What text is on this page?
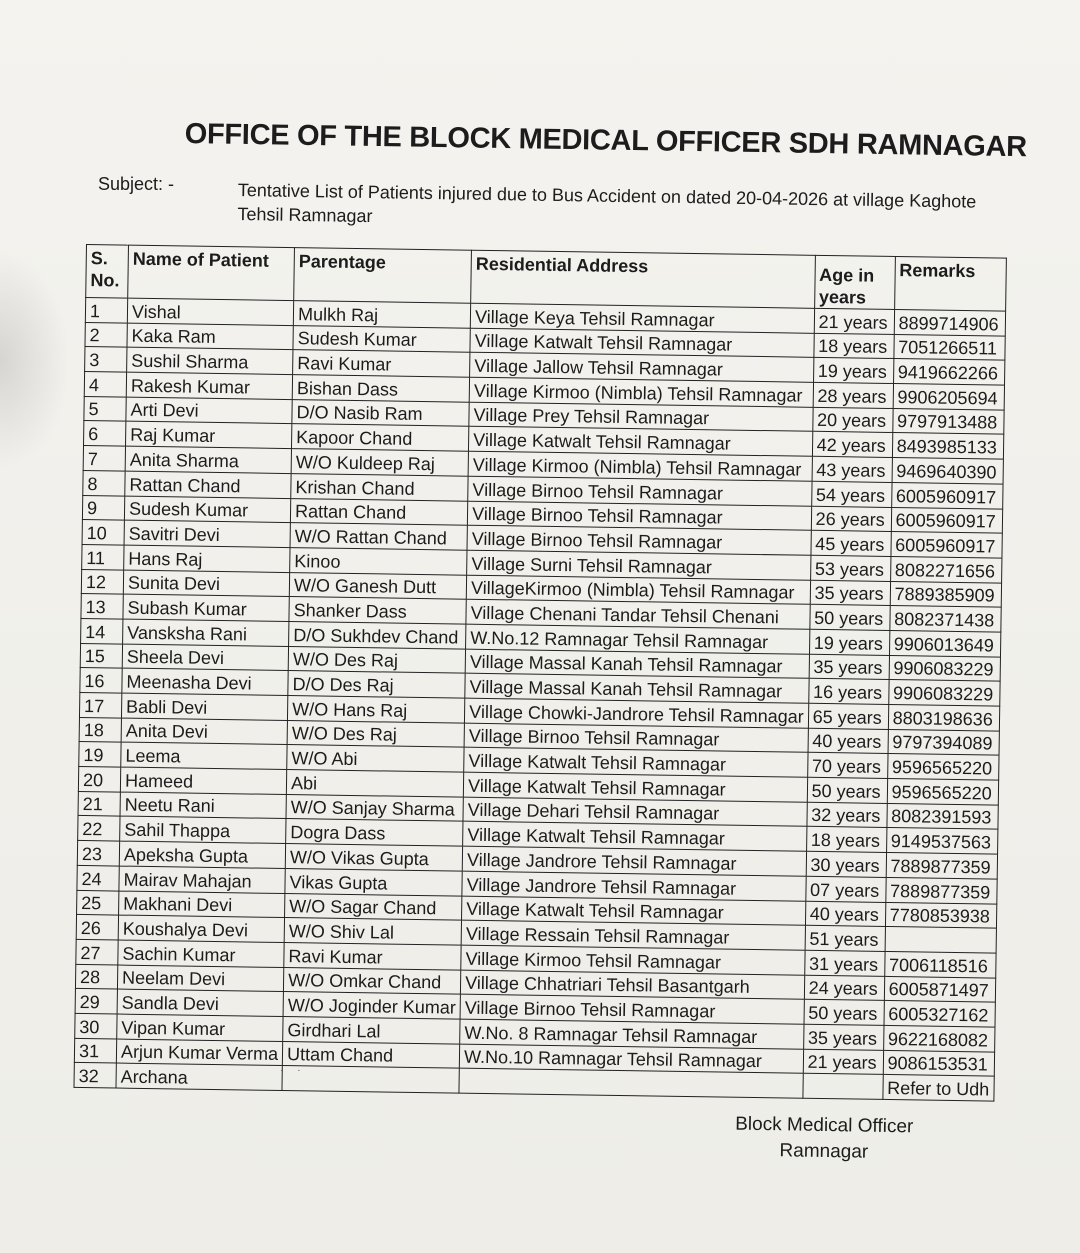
OFFICE OF THE BLOCK MEDICAL OFFICER SDH RAMNAGAR
Subject: -	Tentative List of Patients injured due to Bus Accident on dated 20-04-2026 at village Kaghote Tehsil Ramnagar
S. No.	Name of Patient	Parentage	Residential Address	Age in years	Remarks
1	Vishal	Mulkh Raj	Village Keya Tehsil Ramnagar	21 years	8899714906
2	Kaka Ram	Sudesh Kumar	Village Katwalt Tehsil Ramnagar	18 years	7051266511
3	Sushil Sharma	Ravi Kumar	Village Jallow Tehsil Ramnagar	19 years	9419662266
4	Rakesh Kumar	Bishan Dass	Village Kirmoo (Nimbla) Tehsil Ramnagar	28 years	9906205694
5	Arti Devi	D/O Nasib Ram	Village Prey Tehsil Ramnagar	20 years	9797913488
6	Raj Kumar	Kapoor Chand	Village Katwalt Tehsil Ramnagar	42 years	8493985133
7	Anita Sharma	W/O Kuldeep Raj	Village Kirmoo (Nimbla) Tehsil Ramnagar	43 years	9469640390
8	Rattan Chand	Krishan Chand	Village Birnoo Tehsil Ramnagar	54 years	6005960917
9	Sudesh Kumar	Rattan Chand	Village Birnoo Tehsil Ramnagar	26 years	6005960917
10	Savitri Devi	W/O Rattan Chand	Village Birnoo Tehsil Ramnagar	45 years	6005960917
11	Hans Raj	Kinoo	Village Surni Tehsil Ramnagar	53 years	8082271656
12	Sunita Devi	W/O Ganesh Dutt	VillageKirmoo (Nimbla) Tehsil Ramnagar	35 years	7889385909
13	Subash Kumar	Shanker Dass	Village Chenani Tandar Tehsil Chenani	50 years	8082371438
14	Vansksha Rani	D/O Sukhdev Chand	W.No.12 Ramnagar Tehsil Ramnagar	19 years	9906013649
15	Sheela Devi	W/O Des Raj	Village Massal Kanah Tehsil Ramnagar	35 years	9906083229
16	Meenasha Devi	D/O Des Raj	Village Massal Kanah Tehsil Ramnagar	16 years	9906083229
17	Babli Devi	W/O Hans Raj	Village Chowki-Jandrore Tehsil Ramnagar	65 years	8803198636
18	Anita Devi	W/O Des Raj	Village Birnoo Tehsil Ramnagar	40 years	9797394089
19	Leema	W/O Abi	Village Katwalt Tehsil Ramnagar	70 years	9596565220
20	Hameed	Abi	Village Katwalt Tehsil Ramnagar	50 years	9596565220
21	Neetu Rani	W/O Sanjay Sharma	Village Dehari Tehsil Ramnagar	32 years	8082391593
22	Sahil Thappa	Dogra Dass	Village Katwalt Tehsil Ramnagar	18 years	9149537563
23	Apeksha Gupta	W/O Vikas Gupta	Village Jandrore Tehsil Ramnagar	30 years	7889877359
24	Mairav Mahajan	Vikas Gupta	Village Jandrore Tehsil Ramnagar	07 years	7889877359
25	Makhani Devi	W/O Sagar Chand	Village Katwalt Tehsil Ramnagar	40 years	7780853938
26	Koushalya Devi	W/O Shiv Lal	Village Ressain Tehsil Ramnagar	51 years	
27	Sachin Kumar	Ravi Kumar	Village Kirmoo Tehsil Ramnagar	31 years	7006118516
28	Neelam Devi	W/O Omkar Chand	Village Chhatriari Tehsil Basantgarh	24 years	6005871497
29	Sandla Devi	W/O Joginder Kumar	Village Birnoo Tehsil Ramnagar	50 years	6005327162
30	Vipan Kumar	Girdhari Lal	W.No. 8 Ramnagar Tehsil Ramnagar	35 years	9622168082
31	Arjun Kumar Verma	Uttam Chand	W.No.10 Ramnagar Tehsil Ramnagar	21 years	9086153531
32	Archana				Refer to Udh
·     ·
Block Medical Officer
Ramnagar
